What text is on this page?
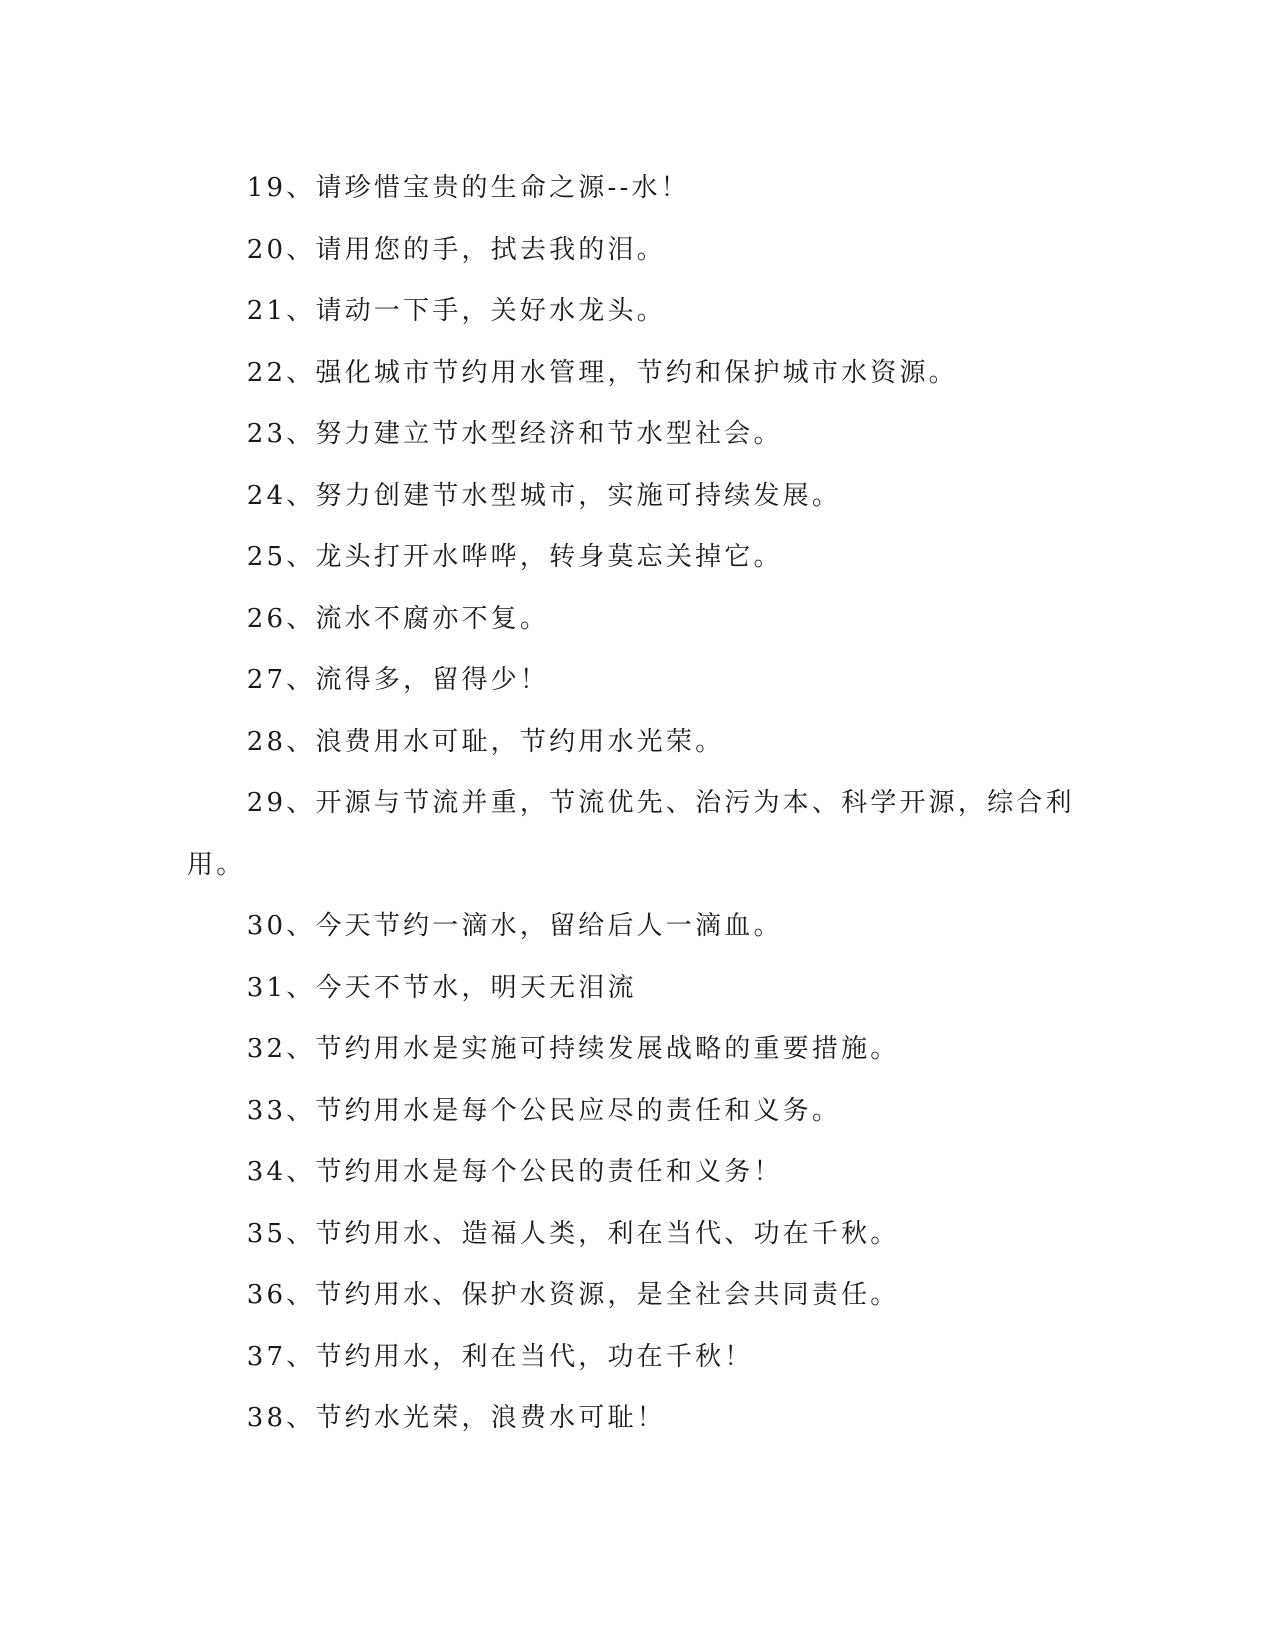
19、请珍惜宝贵的生命之源--水！

20、请用您的手，拭去我的泪。

21、请动一下手，关好水龙头。

22、强化城市节约用水管理，节约和保护城市水资源。

23、努力建立节水型经济和节水型社会。

24、努力创建节水型城市，实施可持续发展。

25、龙头打开水哗哗，转身莫忘关掉它。

26、流水不腐亦不复。

27、流得多，留得少！

28、浪费用水可耻，节约用水光荣。

29、开源与节流并重，节流优先、治污为本、科学开源，综合利用。

30、今天节约一滴水，留给后人一滴血。

31、今天不节水，明天无泪流

32、节约用水是实施可持续发展战略的重要措施。

33、节约用水是每个公民应尽的责任和义务。

34、节约用水是每个公民的责任和义务！

35、节约用水、造福人类，利在当代、功在千秋。

36、节约用水、保护水资源，是全社会共同责任。

37、节约用水，利在当代，功在千秋！

38、节约水光荣，浪费水可耻！
